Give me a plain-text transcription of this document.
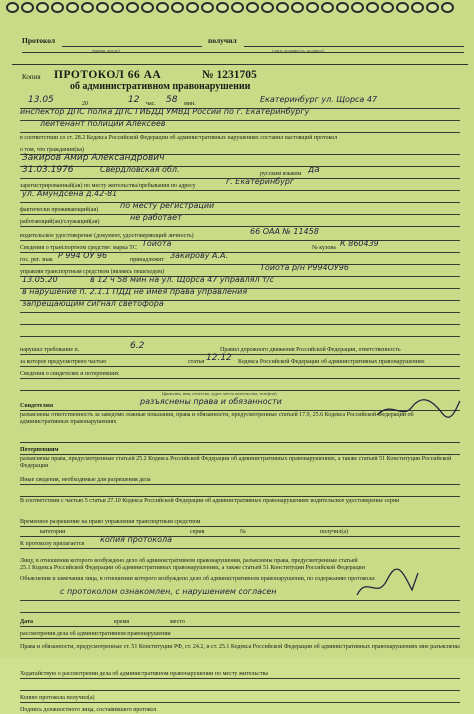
Протокол
(время, число)
получил
(дата, должность, подпись)
Копия ПРОТОКОЛ 66 АА	№ 1231705
об административном правонарушении
13.05	20	12 час. 58 мин.	Екатеринбург ул. Щорса 47
инспектор ДПС полка ДПС ГИБДД УМВД России по г. Екатеринбургу
лейтенант полиции Алексеев
в соответствии со ст. 28.2 Кодекса Российской Федерации об административных нарушениях составил настоящий протокол
о том, что гражданин(ка)
Закиров Амир Александрович
31.03.1976	Свердловская обл.	русским языком да
зарегистрированный(ая) по месту жительства/пребывания по адресу	г. Екатеринбург
ул. Амундсена д.42-81
фактически проживающий(ая)	по месту регистрации
работающий(ая)/служащий(ая)	не работает
водительское удостоверение (документ, удостоверяющий личность)	66 ОАА № 11458
Сведения о транспортном средстве: марка ТС Тойота	№ кузова К 860439
гос. рег. знак Р 994 ОУ 96	принадлежит Закирову А.А.
управляя транспортным средством (являясь пешеходом)	Тойота р/н Р994ОУ96
13.05.20	в 12 ч 58 мин на ул. Щорса 47 управлял т/с
в нарушение п. 2.1.1 ПДД не имея права управления
запрещающим сигнал светофора
нарушил требование п.	6.2	Правил дорожного движения Российской Федерации, ответственность
за которое предусмотрено частью	статьи 12.12 Кодекса Российской Федерации об административных правонарушениях
Сведения о свидетелях и потерпевших
(фамилия, имя, отчество, адрес места жительства, телефон)
Свидетелям	разъяснены права и обязанности
разъяснены ответственность за заведомо ложные показания, права и обязанности, предусмотренные статьей 17.9, 25.6 Кодекса Российской Федерации об административных правонарушениях
Потерпевшим
разъяснены права, предусмотренные статьей 25.2 Кодекса Российской Федерации об административных правонарушениях, а также статьей 51 Конституции Российской Федерации
Иные сведения, необходимые для разрешения дела
В соответствии с частью 5 статьи 27.10 Кодекса Российской Федерации об административных правонарушениях водительское удостоверение серии
Временное разрешение на право управления транспортным средством
категории	серия	№	получил(а)
К протоколу прилагается копия протокола
Лицу, в отношении которого возбуждено дело об административном правонарушении, разъяснены права, предусмотренные статьей
25.1 Кодекса Российской Федерации об административных правонарушениях, а также статьей 51 Конституции Российской Федерации
Объяснения и замечания лица, в отношении которого возбуждено дело об административном правонарушении, по содержанию протокола:
с протоколом ознакомлен, с нарушением согласен
Дата	время	место
рассмотрения дела об административном правонарушении
Права и обязанности, предусмотренные ст. 51 Конституции РФ, ст. 24.2, и ст. 25.1 Кодекса Российской Федерации об административных правонарушениях мне разъяснены
Ходатайствую о рассмотрении дела об административном правонарушении по месту жительства
Копию протокола получил(а)
Подпись должностного лица, составившего протокол
